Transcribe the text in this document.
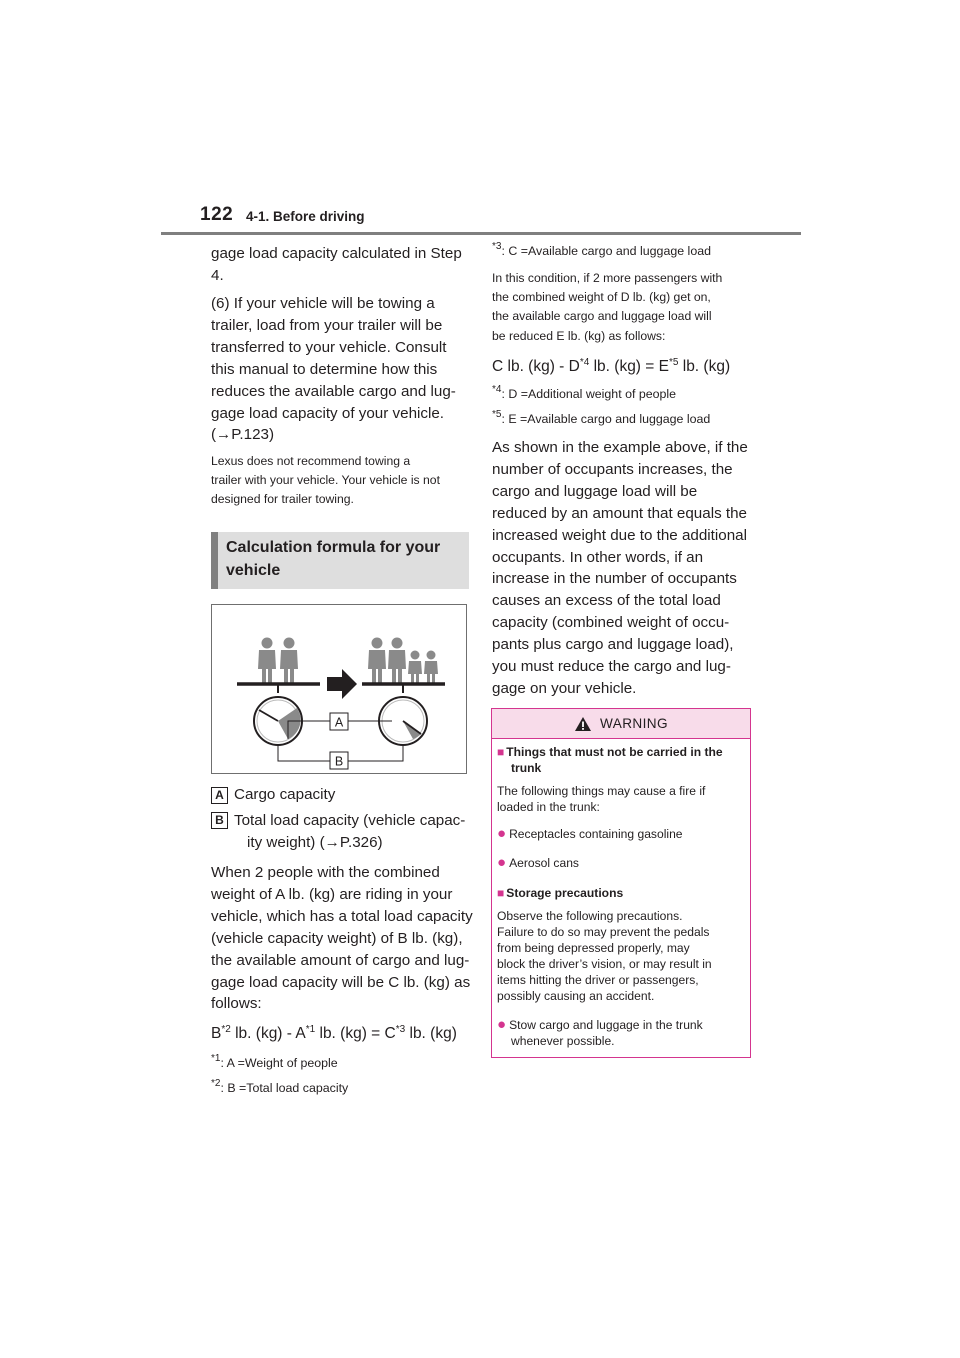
122 4-1. Before driving
gage load capacity calculated in Step
4.
(6) If your vehicle will be towing a
trailer, load from your trailer will be
transferred to your vehicle. Consult
this manual to determine how this
reduces the available cargo and lug-
gage load capacity of your vehicle.
(→P.123)
Lexus does not recommend towing a
trailer with your vehicle. Your vehicle is not
designed for trailer towing.
Calculation formula for your
vehicle
A
B
A Cargo capacity
B Total load capacity (vehicle capac-
ity weight) (→P.326)
When 2 people with the combined
weight of A lb. (kg) are riding in your
vehicle, which has a total load capacity
(vehicle capacity weight) of B lb. (kg),
the available amount of cargo and lug-
gage load capacity will be C lb. (kg) as
follows:
$B^{*2}$ lb. $(kg) - A^{*1}$ lb. $(kg) = C^{*3}$ lb. (kg)
$^{*1}$: A =Weight of people
$^{*2}$: B =Total load capacity
$^{*3}$: C =Available cargo and luggage load
In this condition, if 2 more passengers with
the combined weight of D lb. (kg) get on,
the available cargo and luggage load will
be reduced E lb. (kg) as follows:
C lb. $(kg) - D^{*4}$ lb. $(kg) = E^{*5}$ lb. (kg)
$^{*4}$: D =Additional weight of people
$^{*5}$: E =Available cargo and luggage load
As shown in the example above, if the
number of occupants increases, the
cargo and luggage load will be
reduced by an amount that equals the
increased weight due to the additional
occupants. In other words, if an
increase in the number of occupants
causes an excess of the total load
capacity (combined weight of occu-
pants plus cargo and luggage load),
you must reduce the cargo and lug-
gage on your vehicle.
WARNING
■ Things that must not be carried in the
trunk
The following things may cause a fire if
loaded in the trunk:
● Receptacles containing gasoline
● Aerosol cans
■ Storage precautions
Observe the following precautions.
Failure to do so may prevent the pedals
from being depressed properly, may
block the driver’s vision, or may result in
items hitting the driver or passengers,
possibly causing an accident.
● Stow cargo and luggage in the trunk
whenever possible.
